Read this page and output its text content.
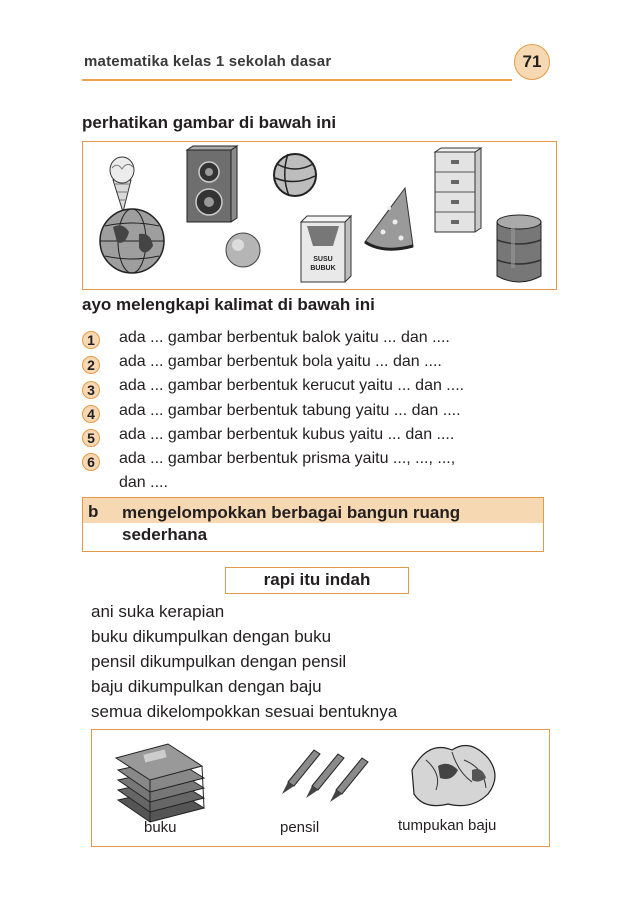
matematika kelas 1 sekolah dasar	71
perhatikan gambar di bawah ini
SUSU
BUBUK
ayo melengkapi kalimat di bawah ini
1	ada ... gambar berbentuk balok yaitu ... dan ....
2	ada ... gambar berbentuk bola yaitu ... dan ....
3	ada ... gambar berbentuk kerucut yaitu ... dan ....
4	ada ... gambar berbentuk tabung yaitu ... dan ....
5	ada ... gambar berbentuk kubus yaitu ... dan ....
6	ada ... gambar berbentuk prisma yaitu ..., ..., ...,
dan ....
b mengelompokkan berbagai bangun ruang
sederhana
rapi itu indah
ani suka kerapian
buku dikumpulkan dengan buku
pensil dikumpulkan dengan pensil
baju dikumpulkan dengan baju
semua dikelompokkan sesuai bentuknya
buku	pensil	tumpukan baju
